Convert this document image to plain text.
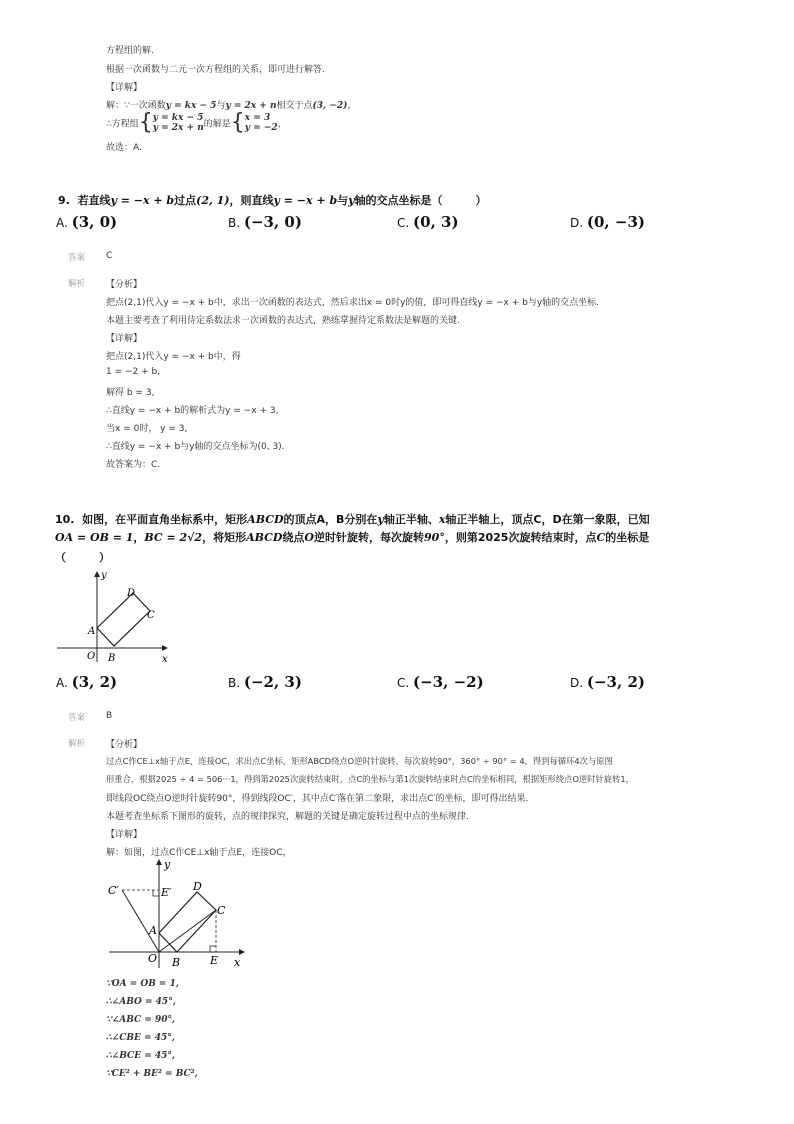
方程组的解.
根据一次函数与二元一次方程组的关系，即可进行解答.
【详解】
解：∵一次函数y = kx − 5与y = 2x + n相交于点(3, −2)，
∴方程组{y = kx − 5
y = 2x + n的解是{x = 3
y = −2，
故选：A.
9. 若直线y = −x + b过点(2, 1)，则直线y = −x + b与y轴的交点坐标是（　　　）
A. (3, 0)	B. (−3, 0)	C. (0, 3)	D. (0, −3)
答案 C
解析 【分析】
把点(2,1)代入y = −x + b中，求出一次函数的表达式，然后求出x = 0时y的值，即可得直线y = −x + b与y轴的交点坐标.
本题主要考查了利用待定系数法求一次函数的表达式，熟练掌握待定系数法是解题的关键.
【详解】
把点(2,1)代入y = −x + b中，得
1 = −2 + b,
解得 b = 3,
∴直线y = −x + b的解析式为y = −x + 3,
当x = 0时， y = 3,
∴直线y = −x + b与y轴的交点坐标为(0, 3).
故答案为：C.
10. 如图，在平面直角坐标系中，矩形ABCD的顶点A，B分别在y轴正半轴、x轴正半轴上，顶点C，D在第一象限，已知
OA = OB = 1，BC = 2√2，将矩形ABCD绕点O逆时针旋转，每次旋转90°，则第2025次旋转结束时，点C的坐标是
（　　　）
y
x
O
A
B
C
D
A. (3, 2)	B. (−2, 3)	C. (−3, −2)	D. (−3, 2)
答案 B
解析 【分析】
过点C作CE⊥x轴于点E，连接OC，求出点C坐标，矩形ABCD绕点O逆时针旋转，每次旋转90°，360° ÷ 90° = 4，得到每循环4次与原图
形重合，根据2025 ÷ 4 = 506···1，得到第2025次旋转结束时，点C的坐标与第1次旋转结束时点C的坐标相同，根据矩形绕点O逆时针旋转1，
即线段OC绕点O逆时针旋转90°，得到线段OC′，其中点C′落在第二象限，求出点C′的坐标，即可得出结果.
本题考查坐标系下图形的旋转，点的规律探究，解题的关键是确定旋转过程中点的坐标规律.
【详解】
解：如图，过点C作CE⊥x轴于点E，连接OC，
y
x
O
A
B
C
D
E
C′	E′
∵OA = OB = 1,
∴∠ABO = 45°,
∵∠ABC = 90°,
∴∠CBE = 45°,
∴∠BCE = 45°,
∵CE² + BE² = BC²,
